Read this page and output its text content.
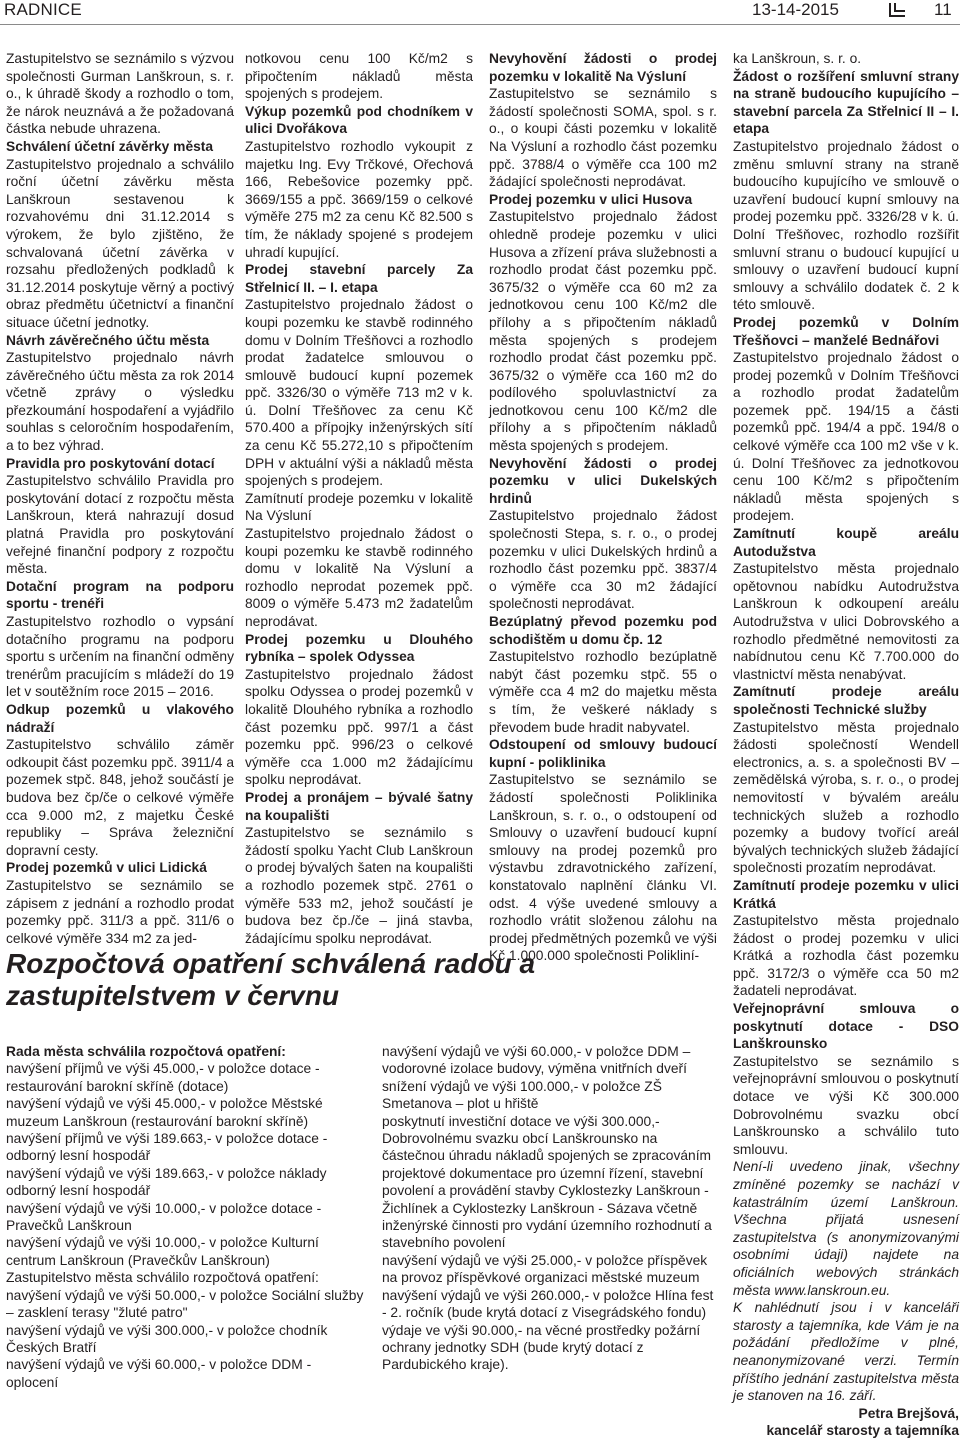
RADNICE	13-14-2015	11

Zastupitelstvo se seznámilo s výzvou společnosti Gurman Lanškroun, s. r. o., k úhradě škody a rozhodlo o tom, že nárok neuznává a že požadovaná částka nebude uhrazena.

Schválení účetní závěrky města

Zastupitelstvo projednalo a schválilo roční účetní závěrku města Lanškroun sestavenou k rozvahovému dni 31.12.2014 s výrokem, že bylo zjištěno, že schvalovaná účetní závěrka v rozsahu předložených podkladů k 31.12.2014 poskytuje věrný a poctivý obraz předmětu účetnictví a finanční situace účetní jednotky.

Návrh závěrečného účtu města

Zastupitelstvo projednalo návrh závěrečného účtu města za rok 2014 včetně zprávy o výsledku přezkoumání hospodaření a vyjádřilo souhlas s celoročním hospodařením, a to bez výhrad.

Pravidla pro poskytování dotací

Zastupitelstvo schválilo Pravidla pro poskytování dotací z rozpočtu města Lanškroun, která nahrazují dosud platná Pravidla pro poskytování veřejné finanční podpory z rozpočtu města.

Dotační program na podporu sportu - trenéři

Zastupitelstvo rozhodlo o vypsání dotačního programu na podporu sportu s určením na finanční odměny trenérům pracujícím s mládeží do 19 let v soutěžním roce 2015 – 2016.

Odkup pozemků u vlakového nádraží

Zastupitelstvo schválilo záměr odkoupit část pozemku ppč. 3911/4 a pozemek stpč. 848, jehož součástí je budova bez čp/če o celkové výměře cca 9.000 m2, z majetku České republiky – Správa železniční dopravní cesty.

Prodej pozemků v ulici Lidická

Zastupitelstvo se seznámilo se zápisem z jednání a rozhodlo prodat pozemky ppč. 311/3 a ppč. 311/6 o celkové výměře 334 m2 za jed-

notkovou cenu 100 Kč/m2 s připočtením nákladů města spojených s prodejem.

Výkup pozemků pod chodníkem v ulici Dvořákova

Zastupitelstvo rozhodlo vykoupit z majetku Ing. Evy Trčkové, Ořechová 166, Rebešovice pozemky ppč. 3669/155 a ppč. 3669/159 o celkové výměře 275 m2 za cenu Kč 82.500 s tím, že náklady spojené s prodejem uhradí kupující.

Prodej stavební parcely Za Střelnicí II. – I. etapa

Zastupitelstvo projednalo žádost o koupi pozemku ke stavbě rodinného domu v Dolním Třešňovci a rozhodlo prodat žadatelce smlouvou o smlouvě budoucí kupní pozemek ppč. 3326/30 o výměře 713 m2 v k. ú. Dolní Třešňovec za cenu Kč 570.400 a přípojky inženýrských sítí za cenu Kč 55.272,10 s připočtením DPH v aktuální výši a nákladů města spojených s prodejem.

Zamítnutí prodeje pozemku v lokalitě Na Výsluní

Zastupitelstvo projednalo žádost o koupi pozemku ke stavbě rodinného domu v lokalitě Na Výsluní a rozhodlo neprodat pozemek ppč. 8009 o výměře 5.473 m2 žadatelům neprodávat.

Prodej pozemku u Dlouhého rybníka – spolek Odyssea

Zastupitelstvo projednalo žádost spolku Odyssea o prodej pozemků v lokalitě Dlouhého rybníka a rozhodlo část pozemku ppč. 997/1 a část pozemku ppč. 996/23 o celkové výměře cca 1.000 m2 žádajícímu spolku neprodávat.

Prodej a pronájem – bývalé šatny na koupališti

Zastupitelstvo se seznámilo s žádostí spolku Yacht Club Lanškroun o prodej bývalých šaten na koupališti a rozhodlo pozemek stpč. 2761 o výměře 533 m2, jehož součástí je budova bez čp./če – jiná stavba, žádajícímu spolku neprodávat.

Nevyhovění žádosti o prodej pozemku v lokalitě Na Výsluní

Zastupitelstvo se seznámilo s žádostí společnosti SOMA, spol. s r. o., o koupi části pozemku v lokalitě Na Výsluní a rozhodlo část pozemku ppč. 3788/4 o výměře cca 100 m2 žádající společnosti neprodávat.

Prodej pozemku v ulici Husova

Zastupitelstvo projednalo žádost ohledně prodeje pozemku v ulici Husova a zřízení práva služebnosti a rozhodlo prodat část pozemku ppč. 3675/32 o výměře cca 60 m2 za jednotkovou cenu 100 Kč/m2 dle přílohy a s připočtením nákladů města spojených s prodejem rozhodlo prodat část pozemku ppč. 3675/32 o výměře cca 160 m2 do podílového spoluvlastnictví za jednotkovou cenu 100 Kč/m2 dle přílohy a s připočtením nákladů města spojených s prodejem.

Nevyhovění žádosti o prodej pozemku v ulici Dukelských hrdinů

Zastupitelstvo projednalo žádost společnosti Stepa, s. r. o., o prodej pozemku v ulici Dukelských hrdinů a rozhodlo část pozemku ppč. 3837/4 o výměře cca 30 m2 žádající společnosti neprodávat.

Bezúplatný převod pozemku pod schodištěm u domu čp. 12

Zastupitelstvo rozhodlo bezúplatně nabýt část pozemku stpč. 55 o výměře cca 4 m2 do majetku města s tím, že veškeré náklady s převodem bude hradit nabyvatel.

Odstoupení od smlouvy budoucí kupní - poliklinika

Zastupitelstvo se seznámilo se žádostí společnosti Poliklinika Lanškroun, s. r. o., o odstoupení od Smlouvy o uzavření budoucí kupní smlouvy na prodej pozemků pro výstavbu zdravotnického zařízení, konstatovalo naplnění článku VI. odst. 4 výše uvedené smlouvy a rozhodlo vrátit složenou zálohu na prodej předmětných pozemků ve výši Kč 1.000.000 společnosti Polikliní-

ka Lanškroun, s. r. o.

Žádost o rozšíření smluvní strany na straně budoucího kupujícího – stavební parcela Za Střelnicí II – I. etapa

Zastupitelstvo projednalo žádost o změnu smluvní strany na straně budoucího kupujícího ve smlouvě o uzavření budoucí kupní smlouvy na prodej pozemku ppč. 3326/28 v k. ú. Dolní Třešňovec, rozhodlo rozšířit smluvní stranu o budoucí kupující u smlouvy o uzavření budoucí kupní smlouvy a schválilo dodatek č. 2 k této smlouvě.

Prodej pozemků v Dolním Třešňovci – manželé Bednářovi

Zastupitelstvo projednalo žádost o prodej pozemků v Dolním Třešňovci a rozhodlo prodat žadatelům pozemek ppč. 194/15 a části pozemků ppč. 194/4 a ppč. 194/8 o celkové výměře cca 100 m2 vše v k. ú. Dolní Třešňovec za jednotkovou cenu 100 Kč/m2 s připočtením nákladů města spojených s prodejem.

Zamítnutí koupě areálu Autodužstva

Zastupitelstvo města projednalo opětovnou nabídku Autodružstva Lanškroun k odkoupení areálu Autodružstva v ulici Dobrovského a rozhodlo předmětné nemovitosti za nabídnutou cenu Kč 7.700.000 do vlastnictví města nenabývat.

Zamítnutí prodeje areálu společnosti Technické služby

Zastupitelstvo města projednalo žádosti společností Wendell electronics, a. s. a společnosti BV – zemědělská výroba, s. r. o., o prodej nemovitostí v bývalém areálu technických služeb a rozhodlo pozemky a budovy tvořící areál bývalých technických služeb žádající společnosti prozatím neprodávat.

Zamítnutí prodeje pozemku v ulici Krátká

Zastupitelstvo města projednalo žádost o prodej pozemku v ulici Krátká a rozhodla část pozemku ppč. 3172/3 o výměře cca 50 m2 žadateli neprodávat.

Veřejnoprávní smlouva o poskytnutí dotace - DSO Lanškrounsko

Zastupitelstvo se seznámilo s veřejnoprávní smlouvou o poskytnutí dotace ve výši Kč 300.000 Dobrovolnému svazku obcí Lanškrounsko a schválilo tuto smlouvu.

Není-li uvedeno jinak, všechny zmíněné pozemky se nachází v katastrálním území Lanškroun. Všechna přijatá usnesení zastupitelstva (s anonymizovanými osobními údaji) najdete na oficiálních webových stránkách města www.lanskroun.eu.

K nahlédnutí jsou i v kanceláři starosty a tajemníka, kde Vám je na požádání předložíme v plné, neanonymizované verzi. Termín příštího jednání zastupitelstva města je stanoven na 16. září.

Petra Brejšová,

kancelář starosty a tajemníka

Rozpočtová opatření schválená radou a zastupitelstvem v červnu

Rada města schválila rozpočtová opatření:

navýšení příjmů ve výši 45.000,- v položce dotace - restaurování barokní skříně (dotace)

navýšení výdajů ve výši 45.000,- v položce Městské muzeum Lanškroun (restaurování barokní skříně)

navýšení příjmů ve výši 189.663,- v položce dotace - odborný lesní hospodář

navýšení výdajů ve výši 189.663,- v položce náklady odborný lesní hospodář

navýšení výdajů ve výši 10.000,- v položce dotace - Pravečků Lanškroun

navýšení výdajů ve výši 10.000,- v položce Kulturní centrum Lanškroun (Pravečkův Lanškroun)

Zastupitelstvo města schválilo rozpočtová opatření:

navýšení výdajů ve výši 50.000,- v položce Sociální služby – zasklení terasy "žluté patro"

navýšení výdajů ve výši 300.000,- v položce chodník Českých Bratří

navýšení výdajů ve výši 60.000,- v položce DDM - oplocení

navýšení výdajů ve výši 60.000,- v položce DDM – vodorovné izolace budovy, výměna vnitřních dveří

snížení výdajů ve výši 100.000,- v položce ZŠ Smetanova – plot u hřiště

poskytnutí investiční dotace ve výši 300.000,- Dobrovolnému svazku obcí Lanškrounsko na částečnou úhradu nákladů spojených se zpracováním projektové dokumentace pro územní řízení, stavební povolení a provádění stavby Cyklostezky Lanškroun - Žichlínek a Cyklostezky Lanškroun - Sázava včetně inženýrské činnosti pro vydání územního rozhodnutí a stavebního povolení

navýšení výdajů ve výši 25.000,- v položce příspěvek na provoz příspěvkové organizaci městské muzeum

navýšení výdajů ve výši 260.000,- v položce Hlína fest - 2. ročník (bude krytá dotací z Visegrádského fondu)

výdaje ve výši 90.000,- na věcné prostředky požární ochrany jednotky SDH (bude krytý dotací z Pardubického kraje).
